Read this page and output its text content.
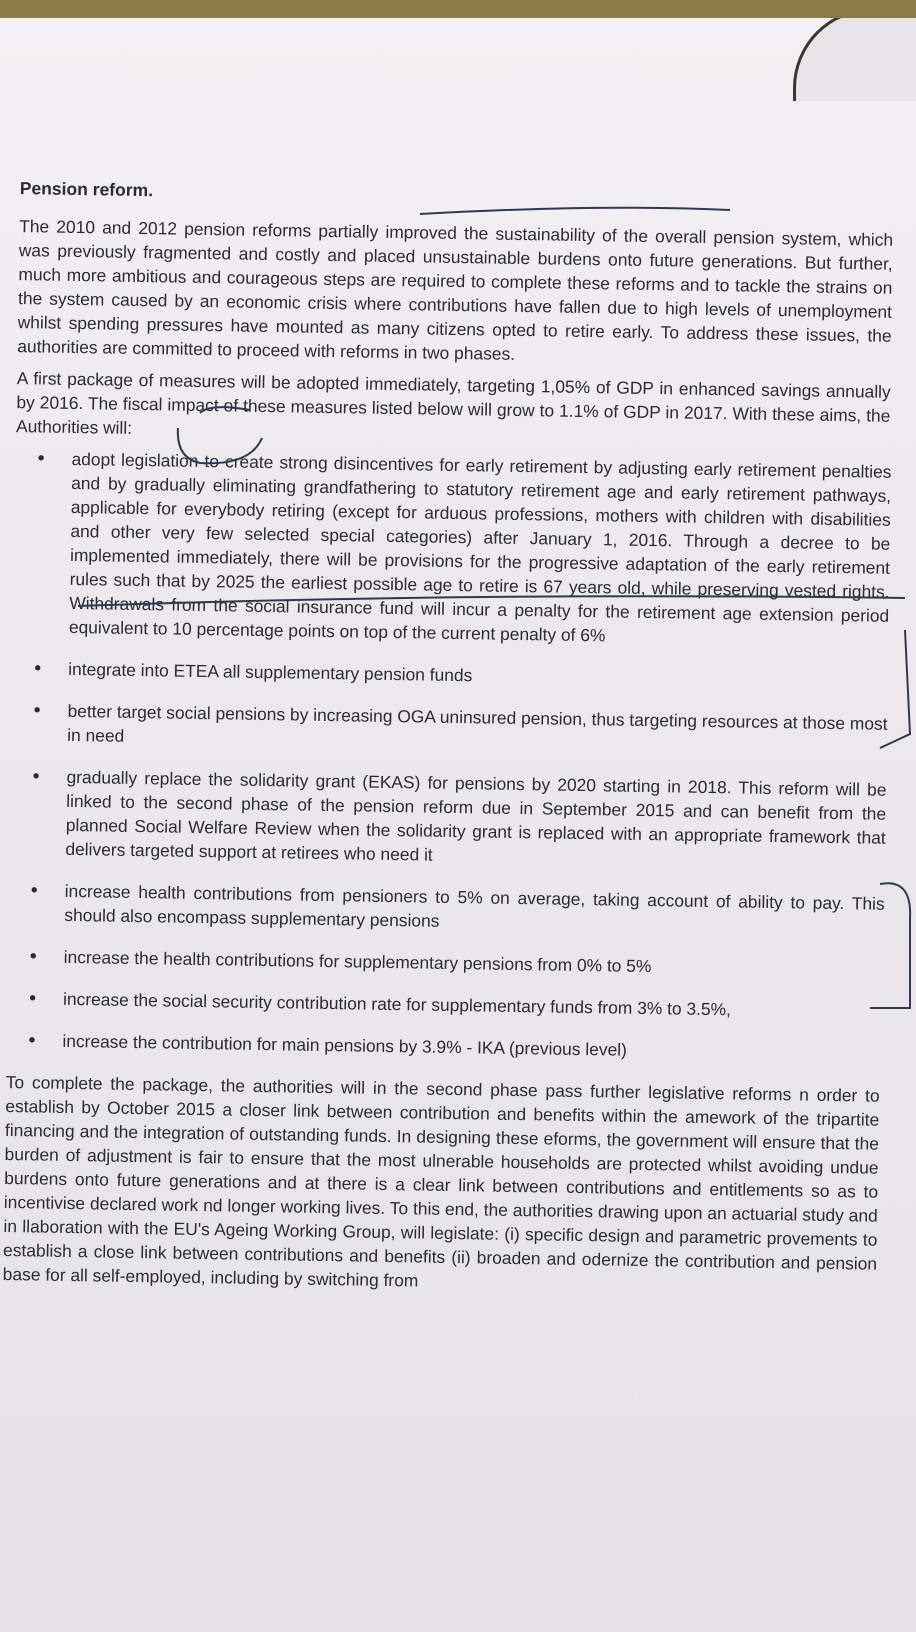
Pension reform.

The 2010 and 2012 pension reforms partially improved the sustainability of the overall pension system, which was previously fragmented and costly and placed unsustainable burdens onto future generations. But further, much more ambitious and courageous steps are required to complete these reforms and to tackle the strains on the system caused by an economic crisis where contributions have fallen due to high levels of unemployment whilst spending pressures have mounted as many citizens opted to retire early. To address these issues, the authorities are committed to proceed with reforms in two phases.

A first package of measures will be adopted immediately, targeting 1,05% of GDP in enhanced savings annually by 2016. The fiscal impact of these measures listed below will grow to 1.1% of GDP in 2017. With these aims, the Authorities will:

• adopt legislation to create strong disincentives for early retirement by adjusting early retirement penalties and by gradually eliminating grandfathering to statutory retirement age and early retirement pathways, applicable for everybody retiring (except for arduous professions, mothers with children with disabilities and other very few selected special categories) after January 1, 2016. Through a decree to be implemented immediately, there will be provisions for the progressive adaptation of the early retirement rules such that by 2025 the earliest possible age to retire is 67 years old, while preserving vested rights. Withdrawals from the social insurance fund will incur a penalty for the retirement age extension period equivalent to 10 percentage points on top of the current penalty of 6%
• integrate into ETEA all supplementary pension funds
• better target social pensions by increasing OGA uninsured pension, thus targeting resources at those most in need
• gradually replace the solidarity grant (EKAS) for pensions by 2020 starting in 2018. This reform will be linked to the second phase of the pension reform due in September 2015 and can benefit from the planned Social Welfare Review when the solidarity grant is replaced with an appropriate framework that delivers targeted support at retirees who need it
• increase health contributions from pensioners to 5% on average, taking account of ability to pay. This should also encompass supplementary pensions
• increase the health contributions for supplementary pensions from 0% to 5%
• increase the social security contribution rate for supplementary funds from 3% to 3.5%,
• increase the contribution for main pensions by 3.9% - IKA (previous level)

To complete the package, the authorities will in the second phase pass further legislative reforms n order to establish by October 2015 a closer link between contribution and benefits within the amework of the tripartite financing and the integration of outstanding funds. In designing these eforms, the government will ensure that the burden of adjustment is fair to ensure that the most ulnerable households are protected whilst avoiding undue burdens onto future generations and at there is a clear link between contributions and entitlements so as to incentivise declared work nd longer working lives. To this end, the authorities drawing upon an actuarial study and in llaboration with the EU's Ageing Working Group, will legislate: (i) specific design and parametric provements to establish a close link between contributions and benefits (ii) broaden and odernize the contribution and pension base for all self-employed, including by switching from
